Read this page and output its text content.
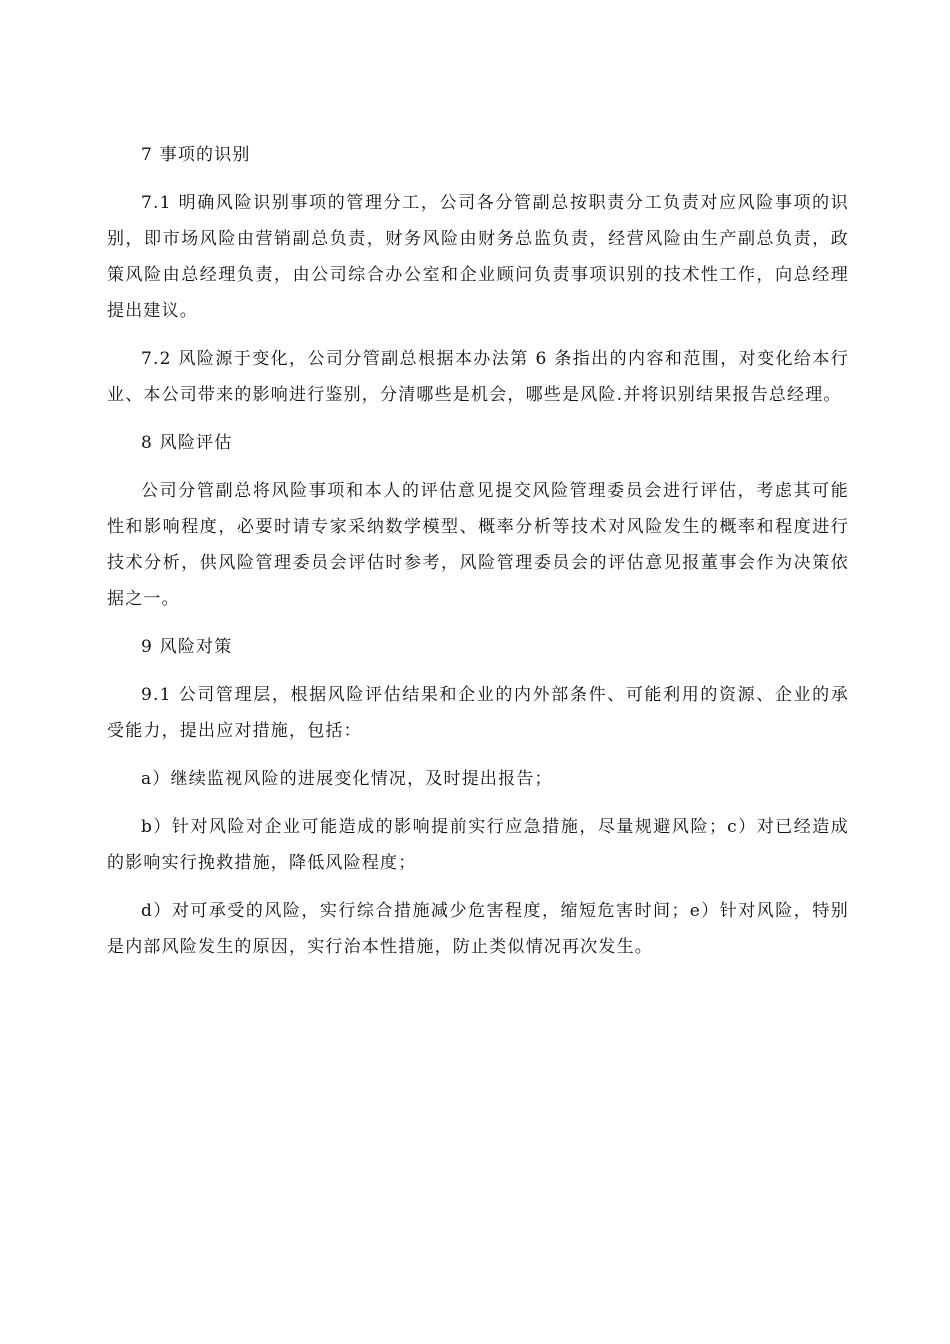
7 事项的识别

7.1 明确风险识别事项的管理分工，公司各分管副总按职责分工负责对应风险事项的识别，即市场风险由营销副总负责，财务风险由财务总监负责，经营风险由生产副总负责，政策风险由总经理负责，由公司综合办公室和企业顾问负责事项识别的技术性工作，向总经理提出建议。

7.2 风险源于变化，公司分管副总根据本办法第 6 条指出的内容和范围，对变化给本行业、本公司带来的影响进行鉴别，分清哪些是机会，哪些是风险.并将识别结果报告总经理。

8 风险评估

公司分管副总将风险事项和本人的评估意见提交风险管理委员会进行评估，考虑其可能性和影响程度，必要时请专家采纳数学模型、概率分析等技术对风险发生的概率和程度进行技术分析，供风险管理委员会评估时参考，风险管理委员会的评估意见报董事会作为决策依据之一。

9 风险对策

9.1 公司管理层，根据风险评估结果和企业的内外部条件、可能利用的资源、企业的承受能力，提出应对措施，包括：

a）继续监视风险的进展变化情况，及时提出报告；

b）针对风险对企业可能造成的影响提前实行应急措施，尽量规避风险；c）对已经造成的影响实行挽救措施，降低风险程度；

d）对可承受的风险，实行综合措施减少危害程度，缩短危害时间；e）针对风险，特别是内部风险发生的原因，实行治本性措施，防止类似情况再次发生。
